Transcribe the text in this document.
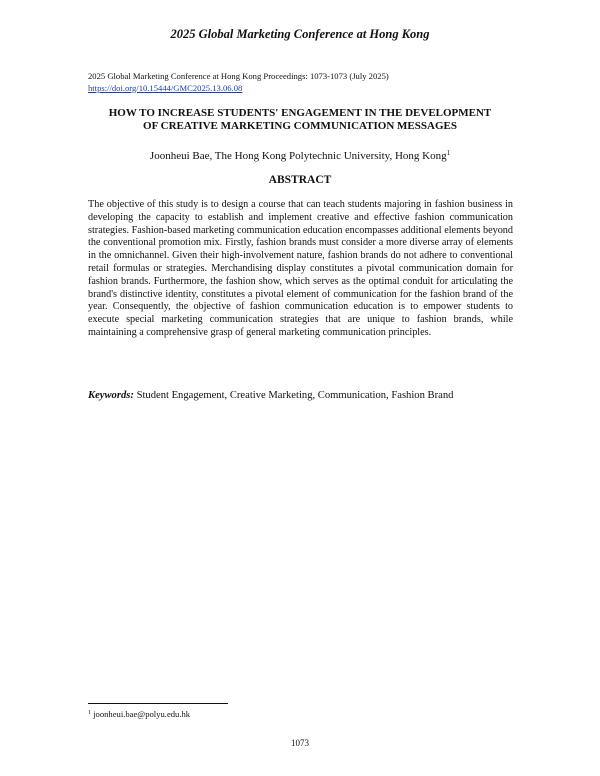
2025 Global Marketing Conference at Hong Kong
2025 Global Marketing Conference at Hong Kong Proceedings: 1073-1073 (July 2025)
https://doi.org/10.15444/GMC2025.13.06.08
HOW TO INCREASE STUDENTS' ENGAGEMENT IN THE DEVELOPMENT
OF CREATIVE MARKETING COMMUNICATION MESSAGES
Joonheui Bae, The Hong Kong Polytechnic University, Hong Kong$^1$
ABSTRACT

The objective of this study is to design a course that can teach students majoring in fashion business in developing the capacity to establish and implement creative and effective fashion communication strategies. Fashion-based marketing communication education encompasses additional elements beyond the conventional promotion mix. Firstly, fashion brands must consider a more diverse array of elements in the omnichannel. Given their high-involvement nature, fashion brands do not adhere to conventional retail formulas or strategies. Merchandising display constitutes a pivotal communication domain for fashion brands. Furthermore, the fashion show, which serves as the optimal conduit for articulating the brand's distinctive identity, constitutes a pivotal element of communication for the fashion brand of the year. Consequently, the objective of fashion communication education is to empower students to execute special marketing communication strategies that are unique to fashion brands, while maintaining a comprehensive grasp of general marketing communication principles.

Keywords: Student Engagement, Creative Marketing, Communication, Fashion Brand
$^1$ joonheui.bae@polyu.edu.hk
1073
